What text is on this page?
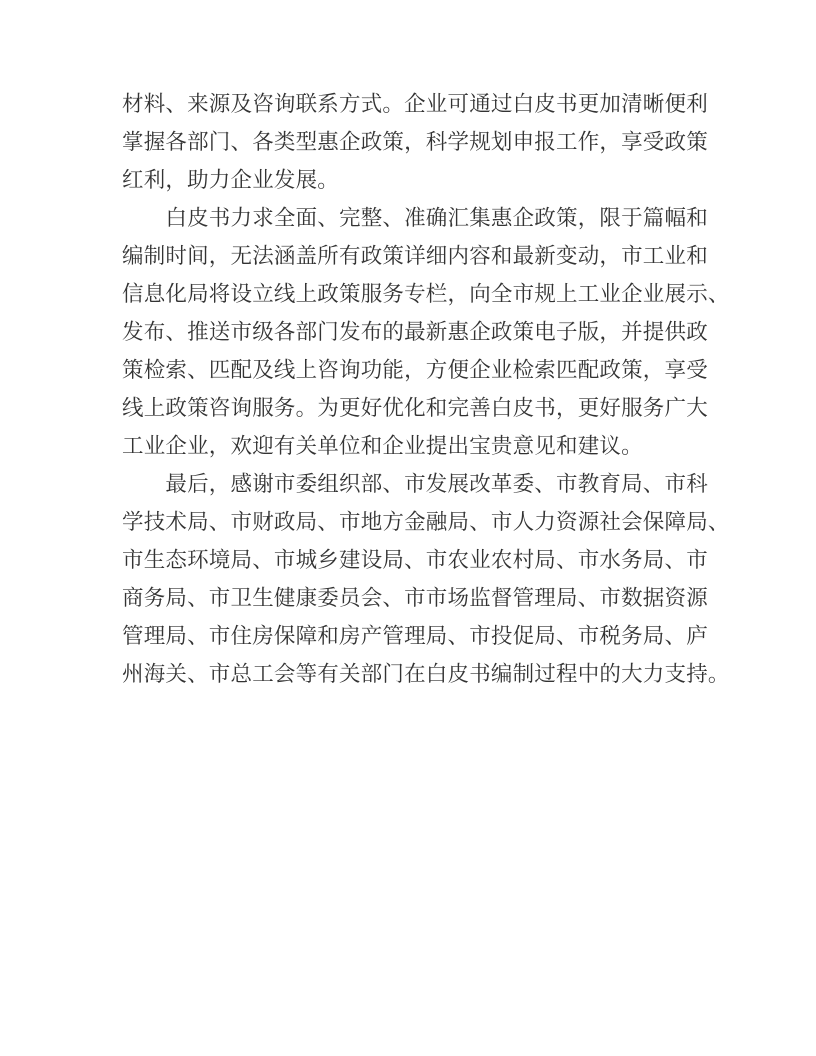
材料、来源及咨询联系方式。企业可通过白皮书更加清晰便利
掌握各部门、各类型惠企政策，科学规划申报工作，享受政策
红利，助力企业发展。
　　白皮书力求全面、完整、准确汇集惠企政策，限于篇幅和
编制时间，无法涵盖所有政策详细内容和最新变动，市工业和
信息化局将设立线上政策服务专栏，向全市规上工业企业展示、
发布、推送市级各部门发布的最新惠企政策电子版，并提供政
策检索、匹配及线上咨询功能，方便企业检索匹配政策，享受
线上政策咨询服务。为更好优化和完善白皮书，更好服务广大
工业企业，欢迎有关单位和企业提出宝贵意见和建议。
　　最后，感谢市委组织部、市发展改革委、市教育局、市科
学技术局、市财政局、市地方金融局、市人力资源社会保障局、
市生态环境局、市城乡建设局、市农业农村局、市水务局、市
商务局、市卫生健康委员会、市市场监督管理局、市数据资源
管理局、市住房保障和房产管理局、市投促局、市税务局、庐
州海关、市总工会等有关部门在白皮书编制过程中的大力支持。
